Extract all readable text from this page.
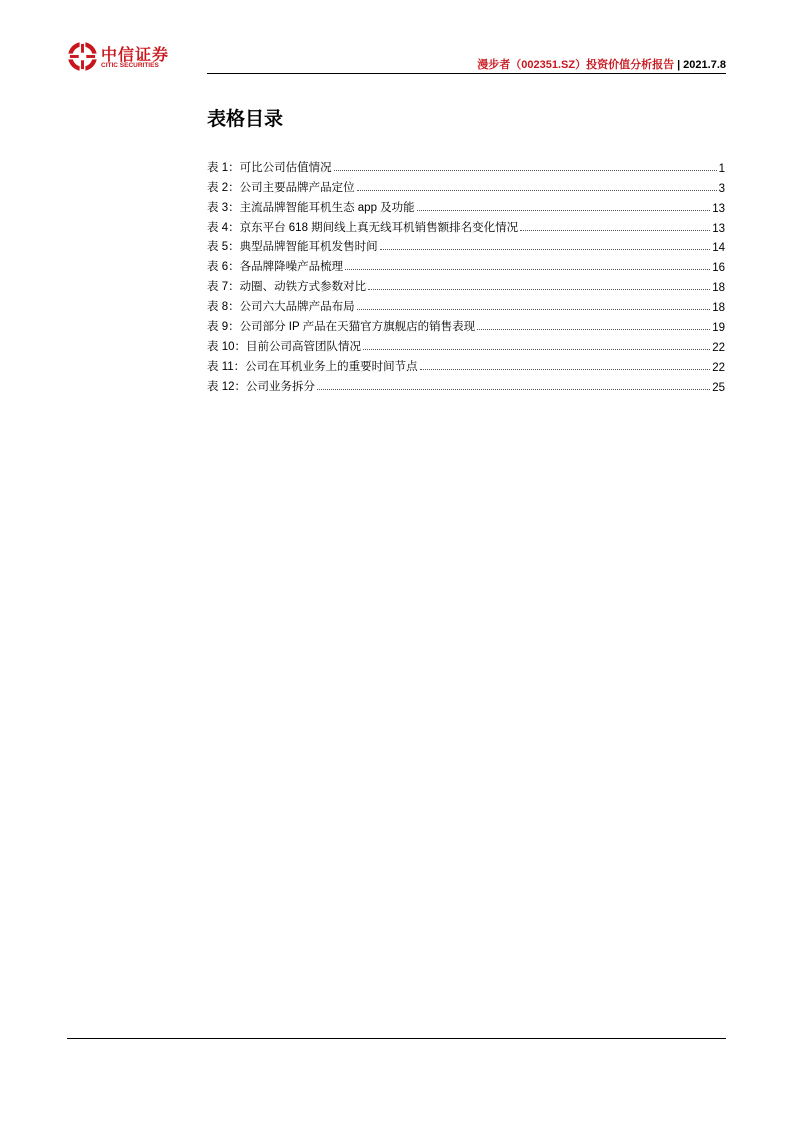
中信证券
CITIC SECURITIES	漫步者（002351.SZ）投资价值分析报告 | 2021.7.8
表格目录
表 1：可比公司估值情况	1
表 2：公司主要品牌产品定位	3
表 3：主流品牌智能耳机生态 app 及功能	13
表 4：京东平台 618 期间线上真无线耳机销售额排名变化情况	13
表 5：典型品牌智能耳机发售时间	14
表 6：各品牌降噪产品梳理	16
表 7：动圈、动铁方式参数对比	18
表 8：公司六大品牌产品布局	18
表 9：公司部分 IP 产品在天猫官方旗舰店的销售表现	19
表 10：目前公司高管团队情况	22
表 11：公司在耳机业务上的重要时间节点	22
表 12：公司业务拆分	25
